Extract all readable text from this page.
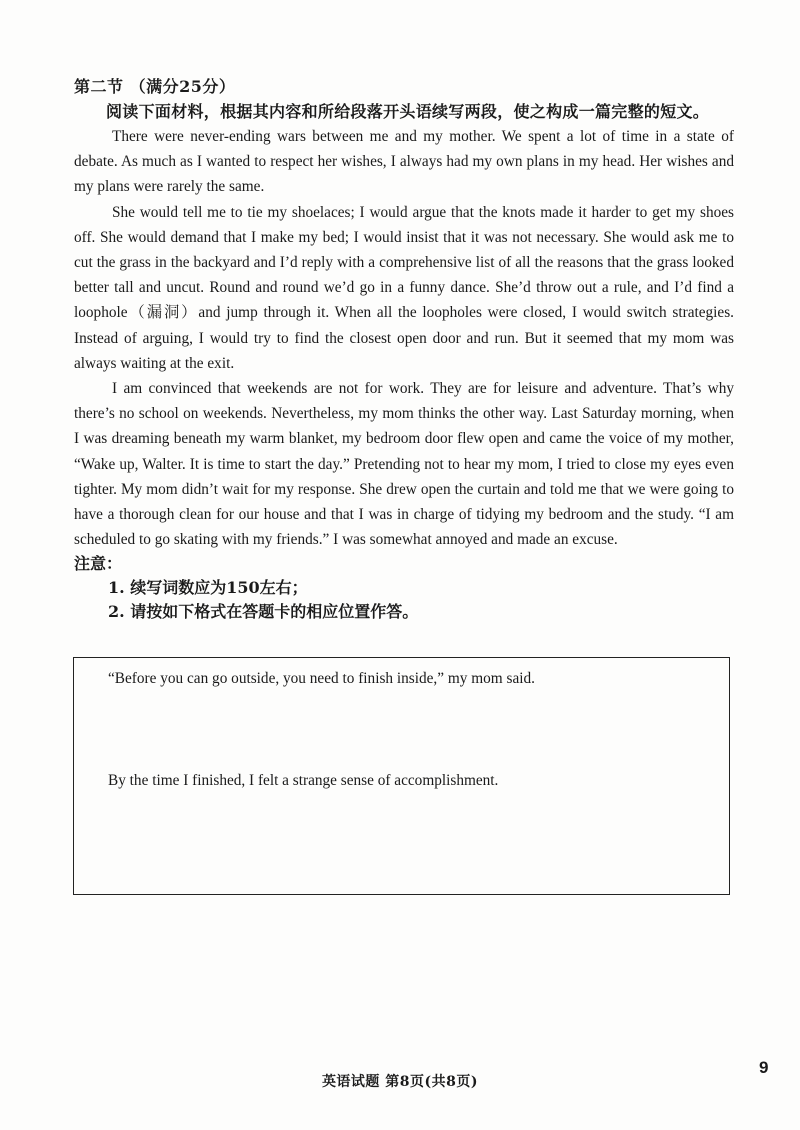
第二节 （满分25分）

阅读下面材料，根据其内容和所给段落开头语续写两段，使之构成一篇完整的短文。

There were never-ending wars between me and my mother. We spent a lot of time in a state of debate. As much as I wanted to respect her wishes, I always had my own plans in my head. Her wishes and my plans were rarely the same.

She would tell me to tie my shoelaces; I would argue that the knots made it harder to get my shoes off. She would demand that I make my bed; I would insist that it was not necessary. She would ask me to cut the grass in the backyard and I’d reply with a comprehensive list of all the reasons that the grass looked better tall and uncut. Round and round we’d go in a funny dance. She’d throw out a rule, and I’d find a loophole（漏洞）and jump through it. When all the loopholes were closed, I would switch strategies. Instead of arguing, I would try to find the closest open door and run. But it seemed that my mom was always waiting at the exit.

I am convinced that weekends are not for work. They are for leisure and adventure. That’s why there’s no school on weekends. Nevertheless, my mom thinks the other way. Last Saturday morning, when I was dreaming beneath my warm blanket, my bedroom door flew open and came the voice of my mother, “Wake up, Walter. It is time to start the day.” Pretending not to hear my mom, I tried to close my eyes even tighter. My mom didn’t wait for my response. She drew open the curtain and told me that we were going to have a thorough clean for our house and that I was in charge of tidying my bedroom and the study. “I am scheduled to go skating with my friends.” I was somewhat annoyed and made an excuse.

注意：

1. 续写词数应为150左右；

2. 请按如下格式在答题卡的相应位置作答。

“Before you can go outside, you need to finish inside,” my mom said.

By the time I finished, I felt a strange sense of accomplishment.

英语试题 第8页(共8页)
9
